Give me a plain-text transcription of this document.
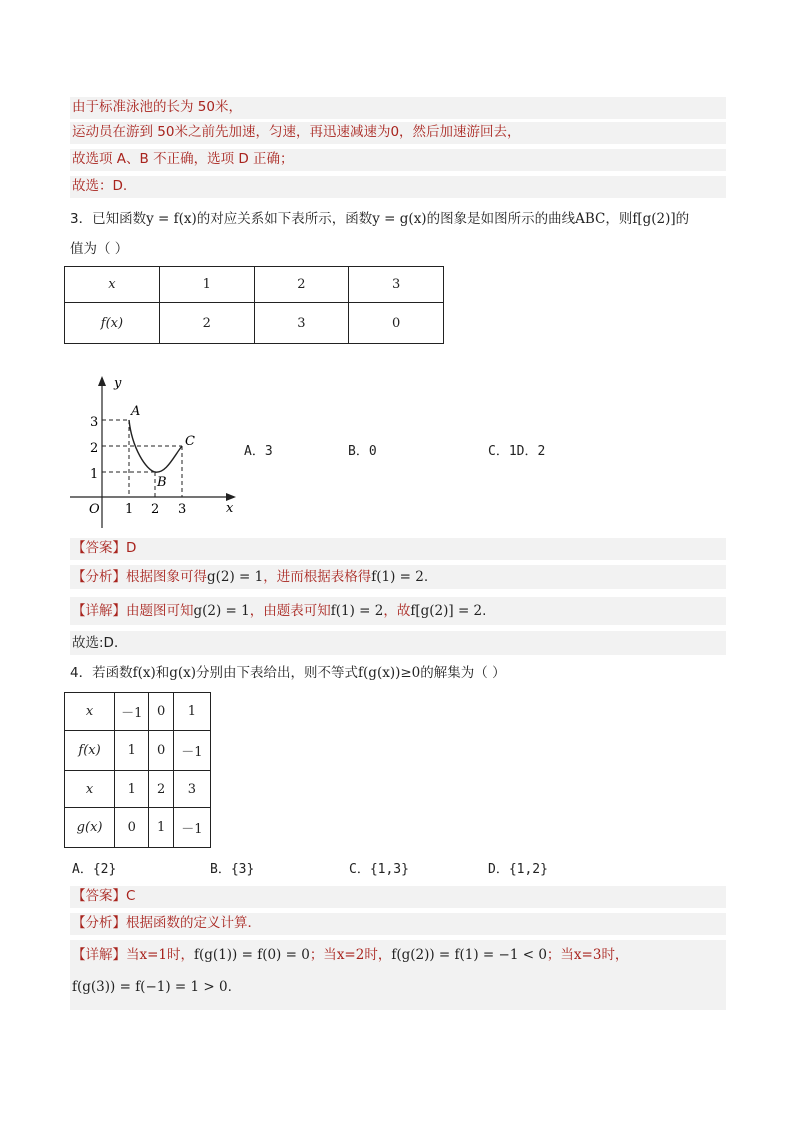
由于标准泳池的长为 50米，
运动员在游到 50米之前先加速，匀速，再迅速减速为0，然后加速游回去，
故选项 A、B 不正确，选项 D 正确；
故选：D.
3．已知函数y = f(x)的对应关系如下表所示，函数y = g(x)的图象是如图所示的曲线ABC，则f[g(2)]的
值为（ ）
x	1	2	3
f(x)	2	3	0
y
x
O
3
2
1
1 2 3
A
B
C
A．3	B．0	C．1D．2
【答案】D
【分析】根据图象可得g(2) = 1，进而根据表格得f(1) = 2.
【详解】由题图可知g(2) = 1，由题表可知f(1) = 2，故f[g(2)] = 2.
故选:D．
4．若函数f(x)和g(x)分别由下表给出，则不等式f(g(x))≥0的解集为（ ）
x	－1	0	1
f(x)	1	0	－1
x	1	2	3
g(x)	0	1	－1
A．{2}	B．{3}	C．{1,3}	D．{1,2}
【答案】C
【分析】根据函数的定义计算．
【详解】当x=1时，f(g(1)) = f(0) = 0；当x=2时，f(g(2)) = f(1) = −1 < 0；当x=3时，
f(g(3)) = f(−1) = 1 > 0.
